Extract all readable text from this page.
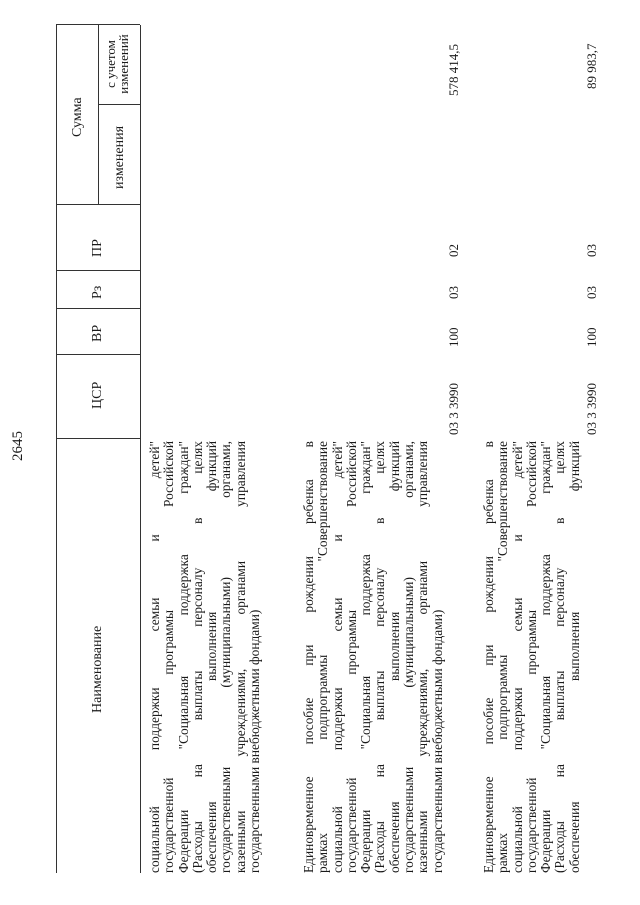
2645
Наименование
ЦСР
ВР
Рз
ПР
Сумма
изменения
с учетом
изменений
социальной поддержки семьи и детей" государственной программы Российской Федерации "Социальная поддержка граждан" (Расходы на выплаты персоналу в целях обеспечения выполнения функций государственными (муниципальными) органами, казенными учреждениями, органами управления государственными внебюджетными фондами)	Единовременное пособие при рождении ребенка в рамках подпрограммы "Совершенствование социальной поддержки семьи и детей" государственной программы Российской Федерации "Социальная поддержка граждан" (Расходы на выплаты персоналу в целях обеспечения выполнения функций государственными (муниципальными) органами, казенными учреждениями, органами управления государственными внебюджетными фондами)
03 3 3990
100
03
02
578 414,5
Единовременное пособие при рождении ребенка в рамках подпрограммы "Совершенствование социальной поддержки семьи и детей" государственной программы Российской Федерации "Социальная поддержка граждан" (Расходы на выплаты персоналу в целях обеспечения выполнения функций
03 3 3990
100
03
03
89 983,7
